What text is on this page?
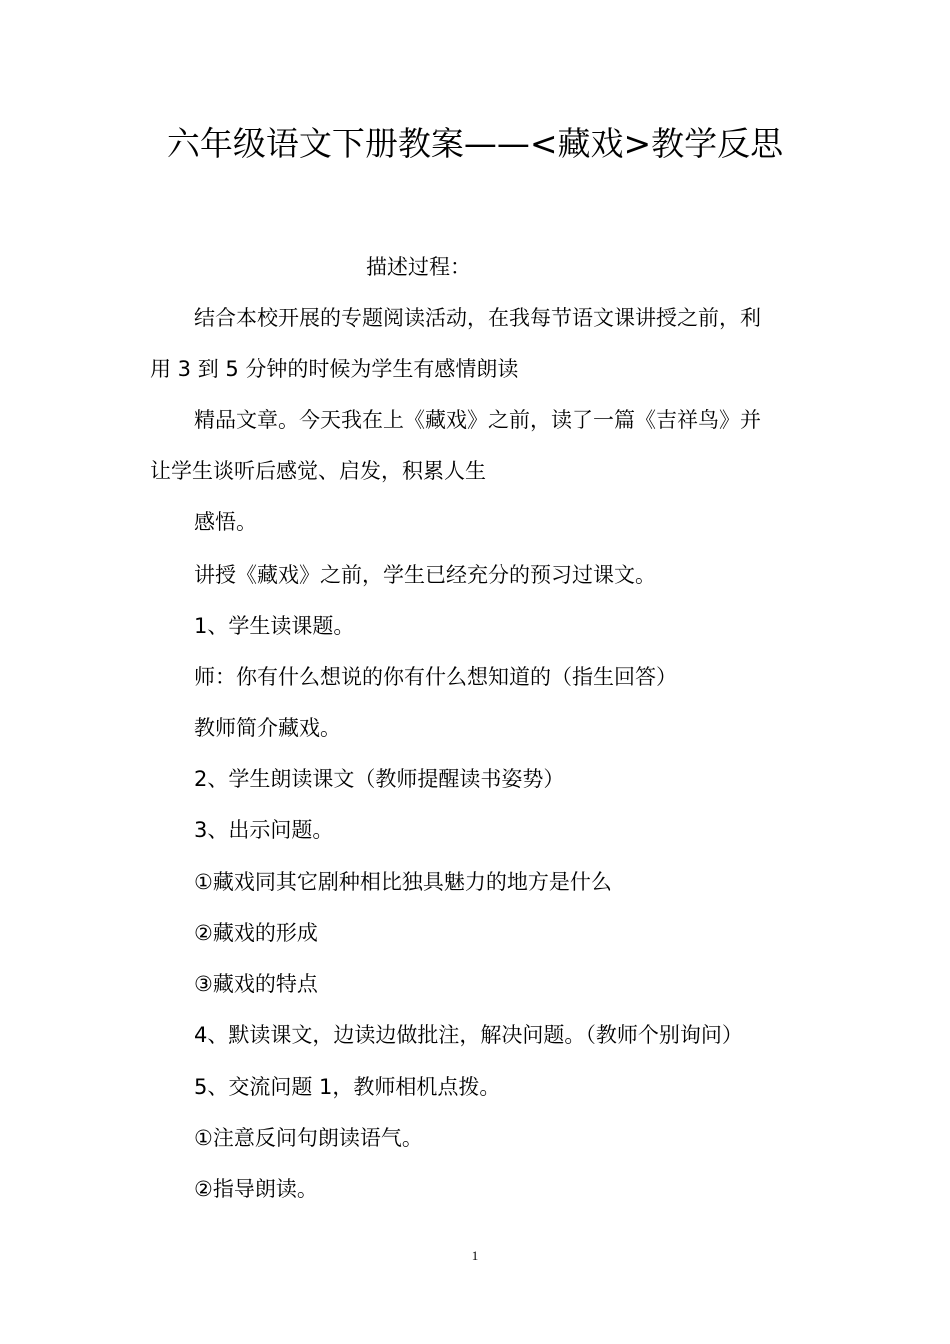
六年级语文下册教案——<藏戏>教学反思
描述过程：
结合本校开展的专题阅读活动，在我每节语文课讲授之前，利
用 3 到 5 分钟的时候为学生有感情朗读
精品文章。今天我在上《藏戏》之前，读了一篇《吉祥鸟》并
让学生谈听后感觉、启发，积累人生
感悟。
讲授《藏戏》之前，学生已经充分的预习过课文。
1、学生读课题。
师：你有什么想说的你有什么想知道的（指生回答）
教师简介藏戏。
2、学生朗读课文（教师提醒读书姿势）
3、出示问题。
①藏戏同其它剧种相比独具魅力的地方是什么
②藏戏的形成
③藏戏的特点
4、默读课文，边读边做批注，解决问题。（教师个别询问）
5、交流问题 1，教师相机点拨。
①注意反问句朗读语气。
②指导朗读。
1
